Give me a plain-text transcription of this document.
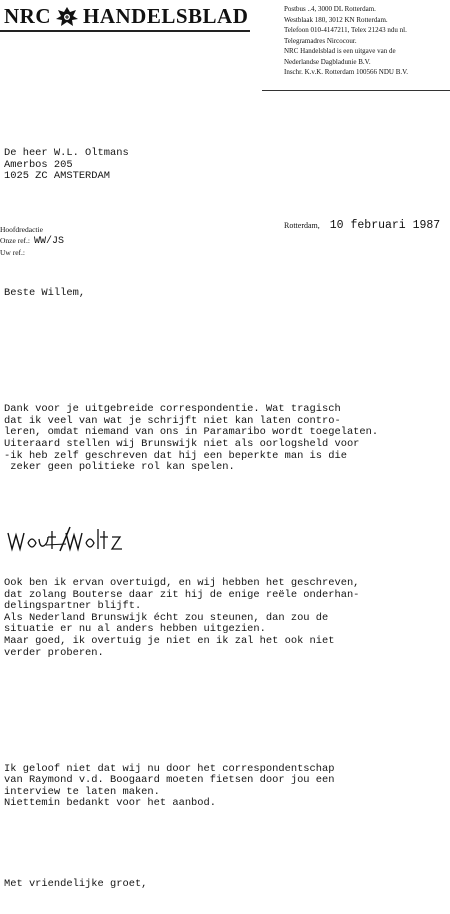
NRC HANDELSBLAD	Postbus ..4, 3000 DL Rotterdam.
Westblaak 180, 3012 KN Rotterdam.
Telefoon 010-4147211, Telex 21243 ndu nl.
Telegramadres Nircocour.
NRC Handelsblad is een uitgave van de
Nederlandse Dagbladunie B.V.
Inschr. K.v.K. Rotterdam 100566 NDU B.V.
De heer W.L. Oltmans
Amerbos 205
1025 ZC AMSTERDAM
Hoofdredactie
Onze ref.: WW/JS
Uw ref.:
Rotterdam, 10 februari 1987

Beste Willem,

Dank voor je uitgebreide correspondentie. Wat tragisch
dat ik veel van wat je schrijft niet kan laten contro-
leren, omdat niemand van ons in Paramaribo wordt toegelaten.
Uiteraard stellen wij Brunswijk niet als oorlogsheld voor
-ik heb zelf geschreven dat hij een beperkte man is die
zeker geen politieke rol kan spelen.

Ook ben ik ervan overtuigd, en wij hebben het geschreven,
dat zolang Bouterse daar zit hij de enige reële onderhan-
delingspartner blijft.
Als Nederland Brunswijk écht zou steunen, dan zou de
situatie er nu al anders hebben uitgezien.
Maar goed, ik overtuig je niet en ik zal het ook niet
verder proberen.

Ik geloof niet dat wij nu door het correspondentschap
van Raymond v.d. Boogaard moeten fietsen door jou een
interview te laten maken.
Niettemin bedankt voor het aanbod.

Met vriendelijke groet,
